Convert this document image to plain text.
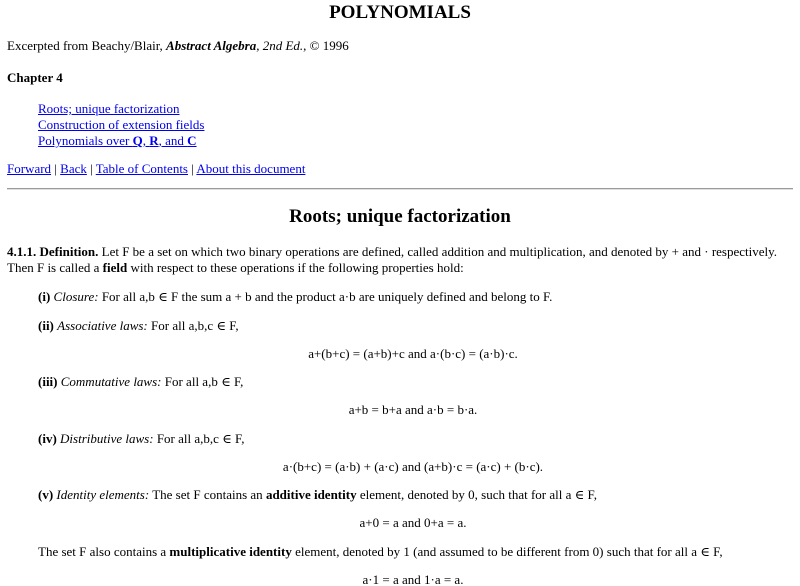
POLYNOMIALS
Excerpted from Beachy/Blair, Abstract Algebra, 2nd Ed., © 1996
Chapter 4
Roots; unique factorization
Construction of extension fields
Polynomials over Q, R, and C
Forward | Back | Table of Contents | About this document
Roots; unique factorization
4.1.1. Definition. Let F be a set on which two binary operations are defined, called addition and multiplication, and denoted by + and · respectively. Then F is called a field with respect to these operations if the following properties hold:
(i) Closure: For all a,b ∈ F the sum a + b and the product a·b are uniquely defined and belong to F.
(ii) Associative laws: For all a,b,c ∈ F,
a+(b+c) = (a+b)+c and a·(b·c) = (a·b)·c.
(iii) Commutative laws: For all a,b ∈ F,
a+b = b+a and a·b = b·a.
(iv) Distributive laws: For all a,b,c ∈ F,
a·(b+c) = (a·b) + (a·c) and (a+b)·c = (a·c) + (b·c).
(v) Identity elements: The set F contains an additive identity element, denoted by 0, such that for all a ∈ F,
a+0 = a and 0+a = a.
The set F also contains a multiplicative identity element, denoted by 1 (and assumed to be different from 0) such that for all a ∈ F,
a·1 = a and 1·a = a.
